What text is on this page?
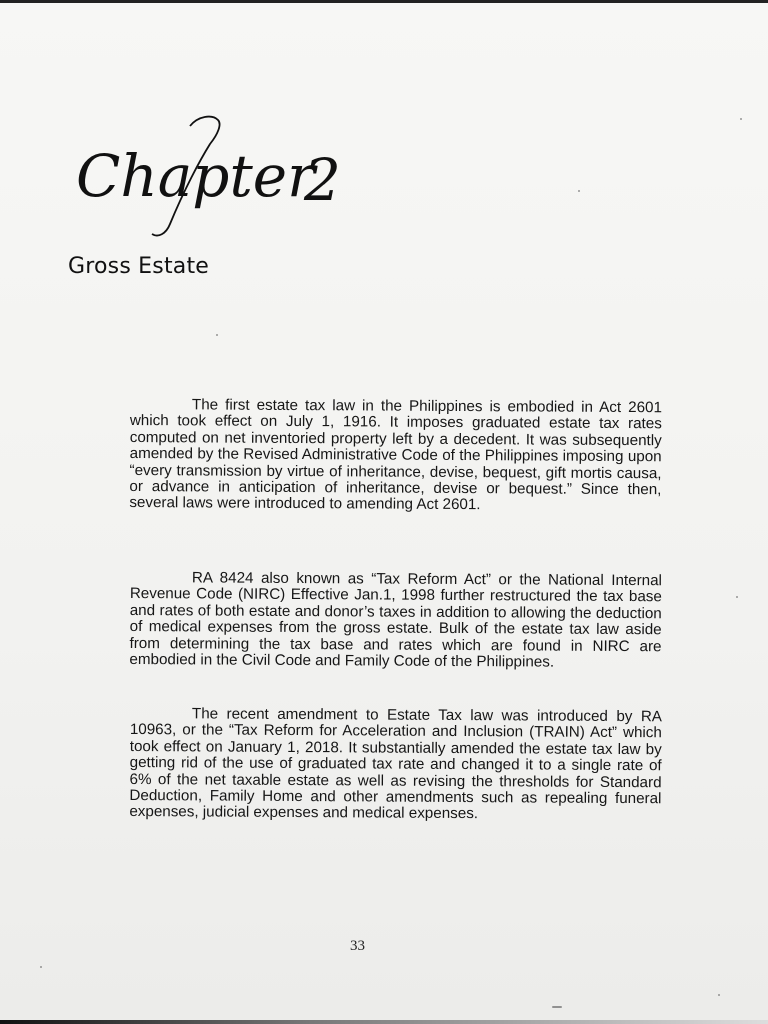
Chapter
2
Gross Estate

The first estate tax law in the Philippines is embodied in Act 2601 which took effect on July 1, 1916. It imposes graduated estate tax rates computed on net inventoried property left by a decedent. It was subsequently amended by the Revised Administrative Code of the Philippines imposing upon “every transmission by virtue of inheritance, devise, bequest, gift mortis causa, or advance in anticipation of inheritance, devise or bequest.” Since then, several laws were introduced to amending Act 2601.

RA 8424 also known as “Tax Reform Act” or the National Internal Revenue Code (NIRC) Effective Jan.1, 1998 further restructured the tax base and rates of both estate and donor’s taxes in addition to allowing the deduction of medical expenses from the gross estate. Bulk of the estate tax law aside from determining the tax base and rates which are found in NIRC are embodied in the Civil Code and Family Code of the Philippines.

The recent amendment to Estate Tax law was introduced by RA 10963, or the “Tax Reform for Acceleration and Inclusion (TRAIN) Act” which took effect on January 1, 2018. It substantially amended the estate tax law by getting rid of the use of graduated tax rate and changed it to a single rate of 6% of the net taxable estate as well as revising the thresholds for Standard Deduction, Family Home and other amendments such as repealing funeral expenses, judicial expenses and medical expenses.

33
